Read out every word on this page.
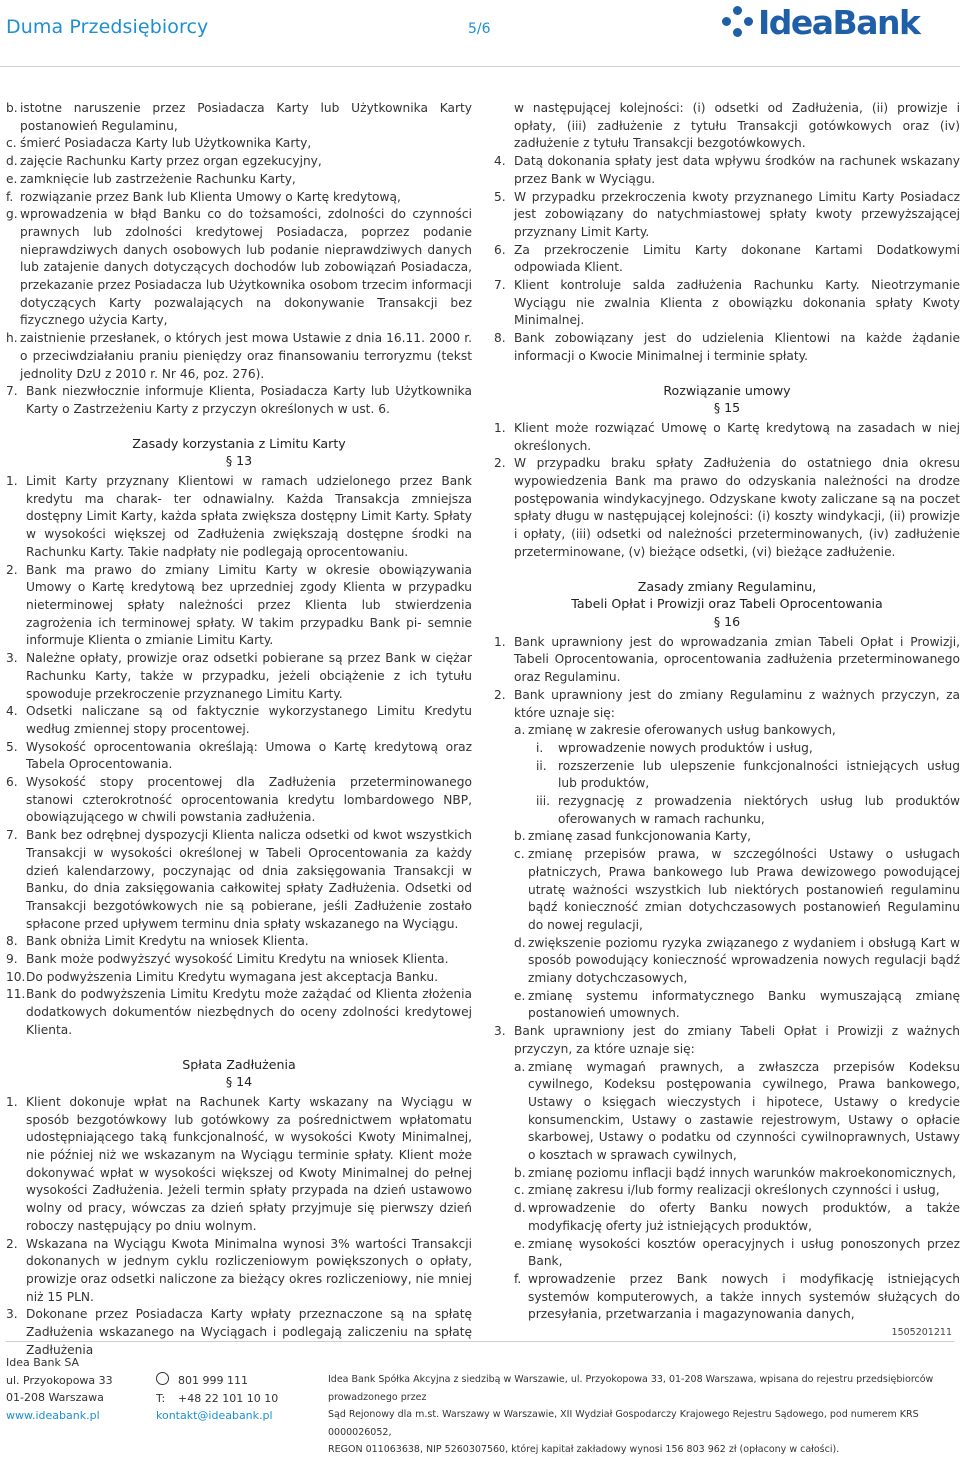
Duma Przedsiębiorcy	5/6	IdeaBank
b. istotne naruszenie przez Posiadacza Karty lub Użytkownika Karty postanowień Regulaminu,
c. śmierć Posiadacza Karty lub Użytkownika Karty,
d. zajęcie Rachunku Karty przez organ egzekucyjny,
e. zamknięcie lub zastrzeżenie Rachunku Karty,
f. rozwiązanie przez Bank lub Klienta Umowy o Kartę kredytową,
g. wprowadzenia w błąd Banku co do tożsamości, zdolności do czynności prawnych lub zdolności kredytowej Posiadacza, poprzez podanie nieprawdziwych danych osobowych lub podanie nieprawdziwych danych lub zatajenie danych dotyczących dochodów lub zobowiązań Posiadacza, przekazanie przez Posiadacza lub Użytkownika osobom trzecim informacji dotyczących Karty pozwalających na dokonywanie Transakcji bez fizycznego użycia Karty,
h. zaistnienie przesłanek, o których jest mowa Ustawie z dnia 16.11. 2000 r. o przeciwdziałaniu praniu pieniędzy oraz finansowaniu terroryzmu (tekst jednolity DzU z 2010 r. Nr 46, poz. 276).
7. Bank niezwłocznie informuje Klienta, Posiadacza Karty lub Użytkownika Karty o Zastrzeżeniu Karty z przyczyn określonych w ust. 6.
Zasady korzystania z Limitu Karty
§ 13
1. Limit Karty przyznany Klientowi w ramach udzielonego przez Bank kredytu ma charak- ter odnawialny. Każda Transakcja zmniejsza dostępny Limit Karty, każda spłata zwiększa dostępny Limit Karty. Spłaty w wysokości większej od Zadłużenia zwiększają dostępne środki na Rachunku Karty. Takie nadpłaty nie podlegają oprocentowaniu.
2. Bank ma prawo do zmiany Limitu Karty w okresie obowiązywania Umowy o Kartę kredytową bez uprzedniej zgody Klienta w przypadku nieterminowej spłaty należności przez Klienta lub stwierdzenia zagrożenia ich terminowej spłaty. W takim przypadku Bank pi- semnie informuje Klienta o zmianie Limitu Karty.
3. Należne opłaty, prowizje oraz odsetki pobierane są przez Bank w ciężar Rachunku Karty, także w przypadku, jeżeli obciążenie z ich tytułu spowoduje przekroczenie przyznanego Limitu Karty.
4. Odsetki naliczane są od faktycznie wykorzystanego Limitu Kredytu według zmiennej stopy procentowej.
5. Wysokość oprocentowania określają: Umowa o Kartę kredytową oraz Tabela Oprocentowania.
6. Wysokość stopy procentowej dla Zadłużenia przeterminowanego stanowi czterokrotność oprocentowania kredytu lombardowego NBP, obowiązującego w chwili powstania zadłużenia.
7. Bank bez odrębnej dyspozycji Klienta nalicza odsetki od kwot wszystkich Transakcji w wysokości określonej w Tabeli Oprocentowania za każdy dzień kalendarzowy, poczynając od dnia zaksięgowania Transakcji w Banku, do dnia zaksięgowania całkowitej spłaty Zadłużenia. Odsetki od Transakcji bezgotówkowych nie są pobierane, jeśli Zadłużenie zostało spłacone przed upływem terminu dnia spłaty wskazanego na Wyciągu.
8. Bank obniża Limit Kredytu na wniosek Klienta.
9. Bank może podwyższyć wysokość Limitu Kredytu na wniosek Klienta.
10. Do podwyższenia Limitu Kredytu wymagana jest akceptacja Banku.
11. Bank do podwyższenia Limitu Kredytu może zażądać od Klienta złożenia dodatkowych dokumentów niezbędnych do oceny zdolności kredytowej Klienta.
Spłata Zadłużenia
§ 14
1. Klient dokonuje wpłat na Rachunek Karty wskazany na Wyciągu w sposób bezgotówkowy lub gotówkowy za pośrednictwem wpłatomatu udostępniającego taką funkcjonalność, w wysokości Kwoty Minimalnej, nie później niż we wskazanym na Wyciągu terminie spłaty. Klient może dokonywać wpłat w wysokości większej od Kwoty Minimalnej do pełnej wysokości Zadłużenia. Jeżeli termin spłaty przypada na dzień ustawowo wolny od pracy, wówczas za dzień spłaty przyjmuje się pierwszy dzień roboczy następujący po dniu wolnym.
2. Wskazana na Wyciągu Kwota Minimalna wynosi 3% wartości Transakcji dokonanych w jednym cyklu rozliczeniowym powiększonych o opłaty, prowizje oraz odsetki naliczone za bieżący okres rozliczeniowy, nie mniej niż 15 PLN.
3. Dokonane przez Posiadacza Karty wpłaty przeznaczone są na spłatę Zadłużenia wskazanego na Wyciągach i podlegają zaliczeniu na spłatę Zadłużenia
w następującej kolejności: (i) odsetki od Zadłużenia, (ii) prowizje i opłaty, (iii) zadłużenie z tytułu Transakcji gotówkowych oraz (iv) zadłużenie z tytułu Transakcji bezgotówkowych.
4. Datą dokonania spłaty jest data wpływu środków na rachunek wskazany przez Bank w Wyciągu.
5. W przypadku przekroczenia kwoty przyznanego Limitu Karty Posiadacz jest zobowiązany do natychmiastowej spłaty kwoty przewyższającej przyznany Limit Karty.
6. Za przekroczenie Limitu Karty dokonane Kartami Dodatkowymi odpowiada Klient.
7. Klient kontroluje salda zadłużenia Rachunku Karty. Nieotrzymanie Wyciągu nie zwalnia Klienta z obowiązku dokonania spłaty Kwoty Minimalnej.
8. Bank zobowiązany jest do udzielenia Klientowi na każde żądanie informacji o Kwocie Minimalnej i terminie spłaty.
Rozwiązanie umowy
§ 15
1. Klient może rozwiązać Umowę o Kartę kredytową na zasadach w niej określonych.
2. W przypadku braku spłaty Zadłużenia do ostatniego dnia okresu wypowiedzenia Bank ma prawo do odzyskania należności na drodze postępowania windykacyjnego. Odzyskane kwoty zaliczane są na poczet spłaty długu w następującej kolejności: (i) koszty windykacji, (ii) prowizje i opłaty, (iii) odsetki od należności przeterminowanych, (iv) zadłużenie przeterminowane, (v) bieżące odsetki, (vi) bieżące zadłużenie.
Zasady zmiany Regulaminu,
Tabeli Opłat i Prowizji oraz Tabeli Oprocentowania
§ 16
1. Bank uprawniony jest do wprowadzania zmian Tabeli Opłat i Prowizji, Tabeli Oprocentowania, oprocentowania zadłużenia przeterminowanego oraz Regulaminu.
2. Bank uprawniony jest do zmiany Regulaminu z ważnych przyczyn, za które uznaje się:
a. zmianę w zakresie oferowanych usług bankowych,
i.	wprowadzenie nowych produktów i usług,
ii. rozszerzenie lub ulepszenie funkcjonalności istniejących usług lub produktów,
iii. rezygnację z prowadzenia niektórych usług lub produktów oferowanych w ramach rachunku,
b. zmianę zasad funkcjonowania Karty,
c. zmianę przepisów prawa, w szczególności Ustawy o usługach płatniczych, Prawa bankowego lub Prawa dewizowego powodującej utratę ważności wszystkich lub niektórych postanowień regulaminu bądź konieczność zmian dotychczasowych postanowień Regulaminu do nowej regulacji,
d. zwiększenie poziomu ryzyka związanego z wydaniem i obsługą Kart w sposób powodujący konieczność wprowadzenia nowych regulacji bądź zmiany dotychczasowych,
e. zmianę systemu informatycznego Banku wymuszającą zmianę postanowień umownych.
3. Bank uprawniony jest do zmiany Tabeli Opłat i Prowizji z ważnych przyczyn, za które uznaje się:
a. zmianę wymagań prawnych, a zwłaszcza przepisów Kodeksu cywilnego, Kodeksu postępowania cywilnego, Prawa bankowego, Ustawy o księgach wieczystych i hipotece, Ustawy o kredycie konsumenckim, Ustawy o zastawie rejestrowym, Ustawy o opłacie skarbowej, Ustawy o podatku od czynności cywilnoprawnych, Ustawy o kosztach w sprawach cywilnych,
b. zmianę poziomu inflacji bądź innych warunków makroekonomicznych,
c. zmianę zakresu i/lub formy realizacji określonych czynności i usług,
d. wprowadzenie do oferty Banku nowych produktów, a także modyfikację oferty już istniejących produktów,
e. zmianę wysokości kosztów operacyjnych i usług ponoszonych przez Bank,
f. wprowadzenie przez Bank nowych i modyfikację istniejących systemów komputerowych, a także innych systemów służących do przesyłania, przetwarzania i magazynowania danych,
1505201211
Idea Bank SA
ul. Przyokopowa 33
01-208 Warszawa
www.ideabank.pl
801 999 111
T: +48 22 101 10 10
kontakt@ideabank.pl
Idea Bank Spółka Akcyjna z siedzibą w Warszawie, ul. Przyokopowa 33, 01-208 Warszawa, wpisana do rejestru przedsiębiorców prowadzonego przez
Sąd Rejonowy dla m.st. Warszawy w Warszawie, XII Wydział Gospodarczy Krajowego Rejestru Sądowego, pod numerem KRS 0000026052,
REGON 011063638, NIP 5260307560, której kapitał zakładowy wynosi 156 803 962 zł (opłacony w całości).
